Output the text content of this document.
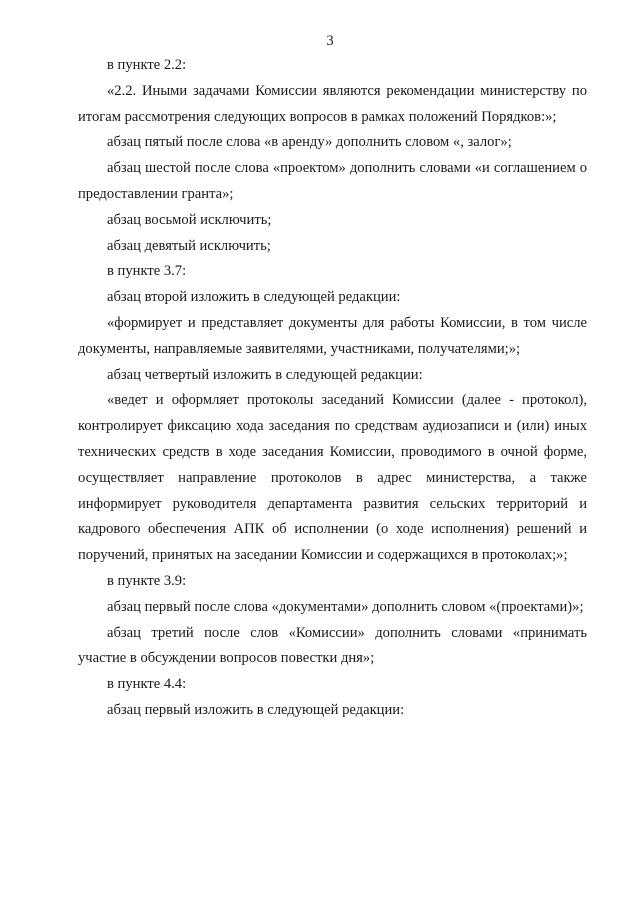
3

в пункте 2.2:

«2.2. Иными задачами Комиссии являются рекомендации министерству по итогам рассмотрения следующих вопросов в рамках положений Порядков:»;

абзац пятый после слова «в аренду» дополнить словом «, залог»;

абзац шестой после слова «проектом» дополнить словами «и соглашением о предоставлении гранта»;

абзац восьмой исключить;

абзац девятый исключить;

в пункте 3.7:

абзац второй изложить в следующей редакции:

«формирует и представляет документы для работы Комиссии, в том числе документы, направляемые заявителями, участниками, получателями;»;

абзац четвертый изложить в следующей редакции:

«ведет и оформляет протоколы заседаний Комиссии (далее - протокол), контролирует фиксацию хода заседания по средствам аудиозаписи и (или) иных технических средств в ходе заседания Комиссии, проводимого в очной форме, осуществляет направление протоколов в адрес министерства, а также информирует руководителя департамента развития сельских территорий и кадрового обеспечения АПК об исполнении (о ходе исполнения) решений и поручений, принятых на заседании Комиссии и содержащихся в протоколах;»;

в пункте 3.9:

абзац первый после слова «документами» дополнить словом «(проектами)»;

абзац третий после слов «Комиссии» дополнить словами «принимать участие в обсуждении вопросов повестки дня»;

в пункте 4.4:

абзац первый изложить в следующей редакции:
